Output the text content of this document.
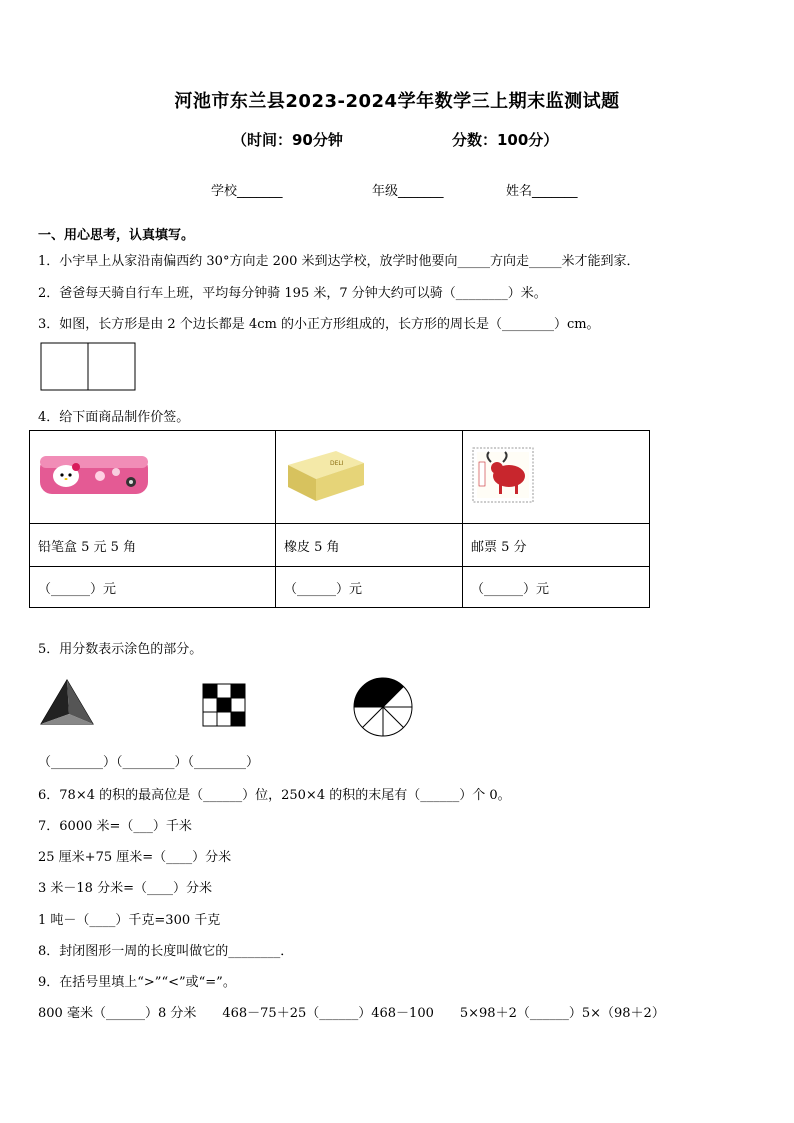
河池市东兰县2023-2024学年数学三上期末监测试题
（时间：90分钟	分数：100分）
学校_______	年级_______	姓名_______
一、用心思考，认真填写。
1．小宇早上从家沿南偏西约 30°方向走 200 米到达学校，放学时他要向_____方向走_____米才能到家．
2．爸爸每天骑自行车上班，平均每分钟骑 195 米，7 分钟大约可以骑（________）米。
3．如图，长方形是由 2 个边长都是 4cm 的小正方形组成的，长方形的周长是（________）cm。
4．给下面商品制作价签。

DELI

铅笔盒 5 元 5 角	橡皮 5 角	邮票 5 分
（______）元	（______）元	（______）元
5．用分数表示涂色的部分。
（________）（________）（________）
6．78×4 的积的最高位是（______）位，250×4 的积的末尾有（______）个 0。
7．6000 米=（___）千米
25 厘米+75 厘米=（____）分米
3 米－18 分米=（____）分米
1 吨－（____）千克=300 千克
8．封闭图形一周的长度叫做它的________．
9．在括号里填上“>”“<”或“=”。
800 毫米（______）8 分米　　468－75＋25（______）468－100　　5×98＋2（______）5×（98＋2）
